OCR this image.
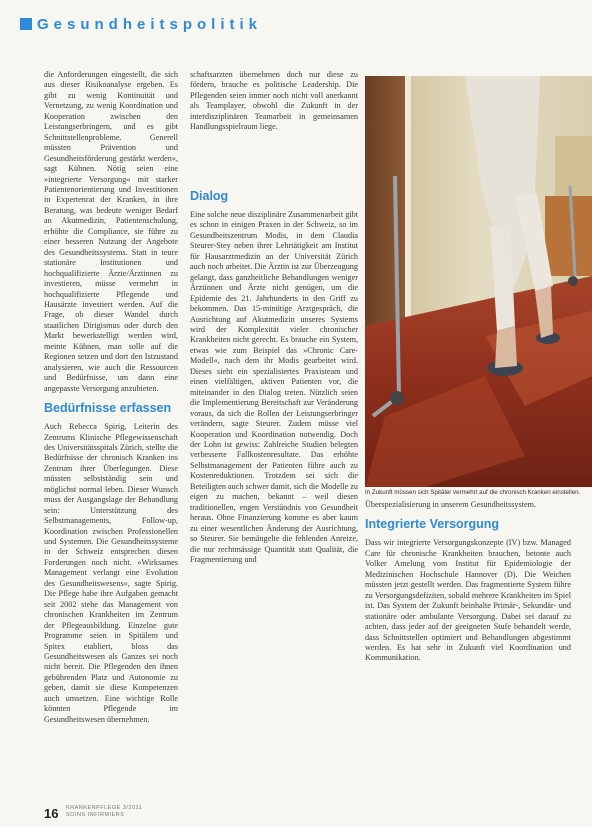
Gesundheitspolitik

die Anforderungen eingestellt, die sich aus dieser Risikoanalyse ergeben. Es gibt zu wenig Kontinuität und Vernetzung, zu wenig Koordination und Kooperation zwischen den Leistungserbringern, und es gibt Schnittstellenprobleme. Generell müssten Prävention und Gesundheitsförderung gestärkt werden«, sagt Kühnen. Nötig seien eine »integrierte Versorgung« mit starker Patientenorientierung und Investitionen in Expertenrat der Kranken, in ihre Beratung, was bedeute weniger Bedarf an Akutmedizin, Patientenschulung, erhöhte die Compliance, sie führe zu einer besseren Nutzung der Angebote des Gesundheitssystems. Statt in teure stationäre Institutionen und hochqualifizierte Ärzte/Ärztinnen zu investieren, müsse vermehrt in hochqualifizierte Pflegende und Hausärzte investiert werden. Auf die Frage, ob dieser Wandel durch staatlichen Dirigismus oder durch den Markt bewerkstelligt werden wird, meinte Kühnen, man solle auf die Regionen setzen und dort den Istzustand analysieren, wie auch die Ressourcen und Bedürfnisse, um dann eine angepasste Versorgung anzubieten.

Bedürfnisse erfassen

Auch Rebecca Spirig, Leiterin des Zentrums Klinische Pflegewissenschaft des Universitätsspitals Zürich, stellte die Bedürfnisse der chronisch Kranken ins Zentrum ihrer Überlegungen. Diese müssten selbstständig sein und möglichst normal leben. Dieser Wunsch muss der Ausgangslage der Behandlung sein: Unterstützung des Selbstmanagements, Follow-up, Koordination zwischen Professionellen und Systemen. Die Gesundheitssysteme in der Schweiz entsprechen diesen Forderungen noch nicht. »Wirksames Management verlangt eine Evolution des Gesundheitswesens«, sagte Spirig. Die Pflege habe ihre Aufgaben gemacht seit 2002 stehe das Management von chronischen Krankheiten im Zentrum der Pflegeausbildung. Einzelne gute Programme seien in Spitälern und Spitex etabliert, bloss das Gesundheitswesen als Ganzes sei noch nicht bereit. Die Pflegenden den ihnen gebührenden Platz und Autonomie zu geben, damit sie diese Kompetenzen auch umsetzen. Eine wichtige Rolle könnten Pflegende im Gesundheitswesen übernehmen.

schaftsarzten übernehmen doch nur diese zu fördern, brauche es politische Leadership. Die Pflegenden seien immer noch nicht voll anerkannt als Teamplayer, obwohl die Zukunft in der interdisziplinären Teamarbeit in gemeinsamen Handlungsspielraum liege.

Dialog

Eine solche neue disziplinäre Zusammenarbeit gibt es schon in einigen Praxen in der Schweiz, so im Gesundheitszentrum Modis, in dem Claudia Steurer-Stey neben ihrer Lehrtätigkeit am Institut für Hausarztmedizin an der Universität Zürich auch noch arbeitet. Die Ärztin ist zur Überzeugung gelangt, dass ganzheitliche Behandlungen weniger Ärztinnen und Ärzte nicht genügen, um die Epidemie des 21. Jahrhunderts in den Griff zu bekommen. Das 15-minütige Arztgespräch, die Ausrichtung auf Akutmedizin unseres Systems wird der Komplexität vieler chronischer Krankheiten nicht gerecht. Es brauche ein System, etwas wie zum Beispiel das »Chronic Care-Modell«, nach dem ihr Modis gearbeitet wird. Dieses sieht ein spezialisiertes Praxisteam und einen vielfältigen, aktiven Patienten vor, die miteinander in den Dialog treten. Nützlich seien die Implementierung Bereitschaft zur Veränderung voraus, da sich die Rollen der Leistungserbringer verändern, sagte Steurer. Zudem müsse viel Kooperation und Koordination notwendig. Doch der Lohn ist gewiss: Zahlreiche Studien belegten verbesserte Fallkostenresultate. Das erhöhte Selbstmanagement der Patienten führe auch zu Kostenreduktionen. Trotzdem sei sich die Beteiligten auch schwer damit, sich die Modelle zu eigen zu machen, bekannt – weil diesen traditionellen, engen Verständnis von Gesundheit heraus. Ohne Finanzierung komme es aber kaum zu einer wesentlichen Änderung der Ausrichtung, so Steurer. Sie bemängelte die fehlenden Anreize, die nur rechtmässige Quantität statt Qualität, die Fragmentierung und

In Zukunft müssen sich Spitäler vermehrt auf die chronisch Kranken einstellen.

Überspezialisierung in unserem Gesundheitssystem.

Integrierte Versorgung

Dass wir integrierte Versorgungskonzepte (IV) bzw. Managed Care für chronische Krankheiten brauchen, betonte auch Volker Amelung vom Institut für Epidemiologie der Medizinischen Hochschule Hannover (D). Die Weichen müssten jetzt gestellt werden. Das fragmentierte System führe zu Versorgungsdefiziten, sobald mehrere Krankheiten im Spiel ist. Das System der Zukunft beinhalte Primär-, Sekundär- und stationäre oder ambulante Versorgung. Dabei sei darauf zu achten, dass jeder auf der geeigneten Stufe behandelt werde, dass Schnittstellen optimiert und Behandlungen abgestimmt werden. Es hat sehr in Zukunft viel Koordination und Kommunikation.

16 KRANKENPFLEGE 3/2011
SOINS INFIRMIERS
